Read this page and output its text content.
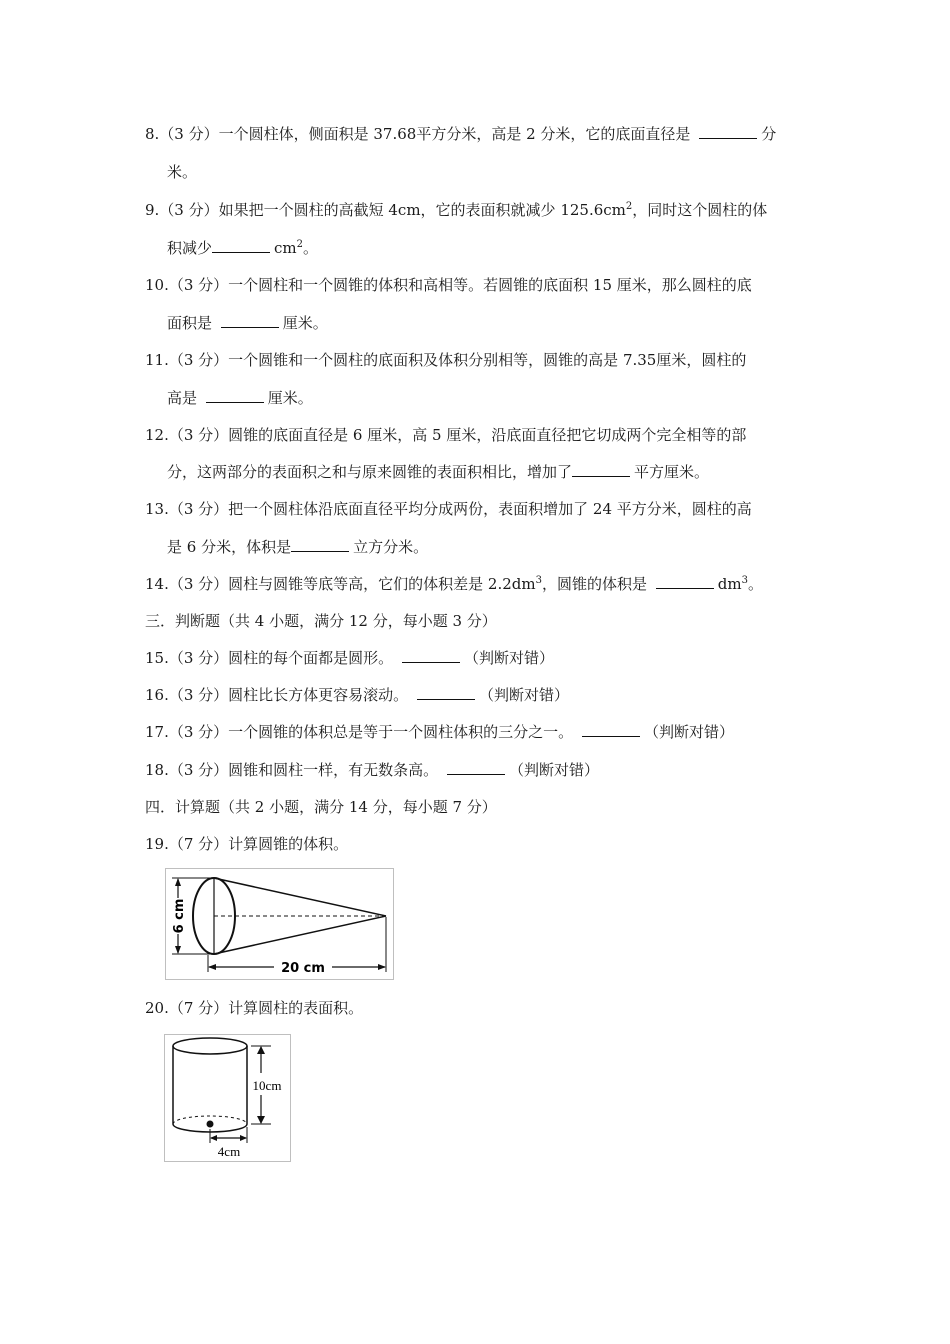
8.（3 分）一个圆柱体，侧面积是 37.68平方分米，高是 2 分米，它的底面直径是	分
米。
9.（3 分）如果把一个圆柱的高截短 4cm，它的表面积就减少 $125.6cm^2$，同时这个圆柱的体
积减少	$cm^2$。
10.（3 分）一个圆柱和一个圆锥的体积和高相等。若圆锥的底面积 15 厘米，那么圆柱的底
面积是	厘米。
11.（3 分）一个圆锥和一个圆柱的底面积及体积分别相等，圆锥的高是 7.35厘米，圆柱的
高是	厘米。
12.（3 分）圆锥的底面直径是 6 厘米，高 5 厘米，沿底面直径把它切成两个完全相等的部
分，这两部分的表面积之和与原来圆锥的表面积相比，增加了	平方厘米。
13.（3 分）把一个圆柱体沿底面直径平均分成两份，表面积增加了 24 平方分米，圆柱的高
是 6 分米，体积是	立方分米。
14.（3 分）圆柱与圆锥等底等高，它们的体积差是 $2.2dm^3$，圆锥的体积是	$dm^3$。
三．判断题（共 4 小题，满分 12 分，每小题 3 分）
15.（3 分）圆柱的每个面都是圆形。	（判断对错）
16.（3 分）圆柱比长方体更容易滚动。	（判断对错）
17.（3 分）一个圆锥的体积总是等于一个圆柱体积的三分之一。	（判断对错）
18.（3 分）圆锥和圆柱一样，有无数条高。	（判断对错）
四．计算题（共 2 小题，满分 14 分，每小题 7 分）
19.（7 分）计算圆锥的体积。
6 cm
20 cm
20.（7 分）计算圆柱的表面积。
10cm
4cm
